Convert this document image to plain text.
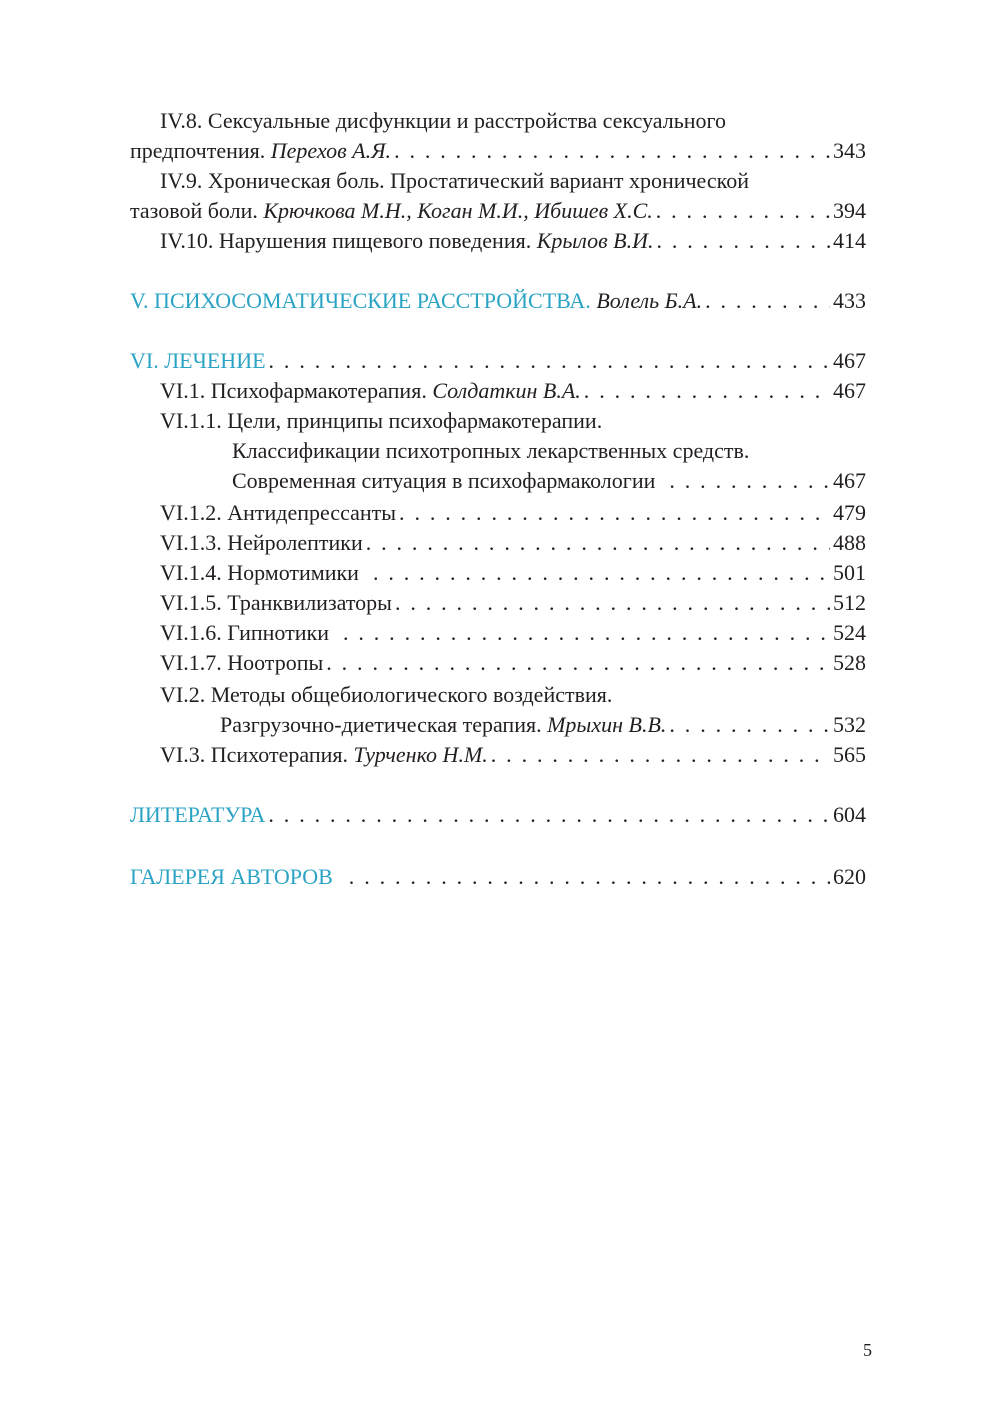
IV.8. Сексуальные дисфункции и расстройства сексуального
предпочтения. Перехов А.Я. . . .	343
IV.9. Хроническая боль. Простатический вариант хронической
тазовой боли. Крючкова М.Н., Коган М.И., Ибишев Х.С. . . .	394
IV.10. Нарушения пищевого поведения. Крылов В.И. . . .	414
V. ПСИХОСОМАТИЧЕСКИЕ РАССТРОЙСТВА. Волель Б.А. . . .	433
VI. ЛЕЧЕНИЕ . . .	467
VI.1. Психофармакотерапия. Солдаткин В.А. . . .	467
VI.1.1. Цели, принципы психофармакотерапии.
Классификации психотропных лекарственных средств.
Современная ситуация в психофармакологии . . .	467
VI.1.2. Антидепрессанты . . .	479
VI.1.3. Нейролептики . . .	488
VI.1.4. Нормотимики . . .	501
VI.1.5. Транквилизаторы . . .	512
VI.1.6. Гипнотики . . .	524
VI.1.7. Ноотропы . . .	528
VI.2. Методы общебиологического воздействия.
Разгрузочно-диетическая терапия. Мрыхин В.В. . . .	532
VI.3. Психотерапия. Турченко Н.М. . . .	565
ЛИТЕРАТУРА . . .	604
ГАЛЕРЕЯ АВТОРОВ . . .	620
5
